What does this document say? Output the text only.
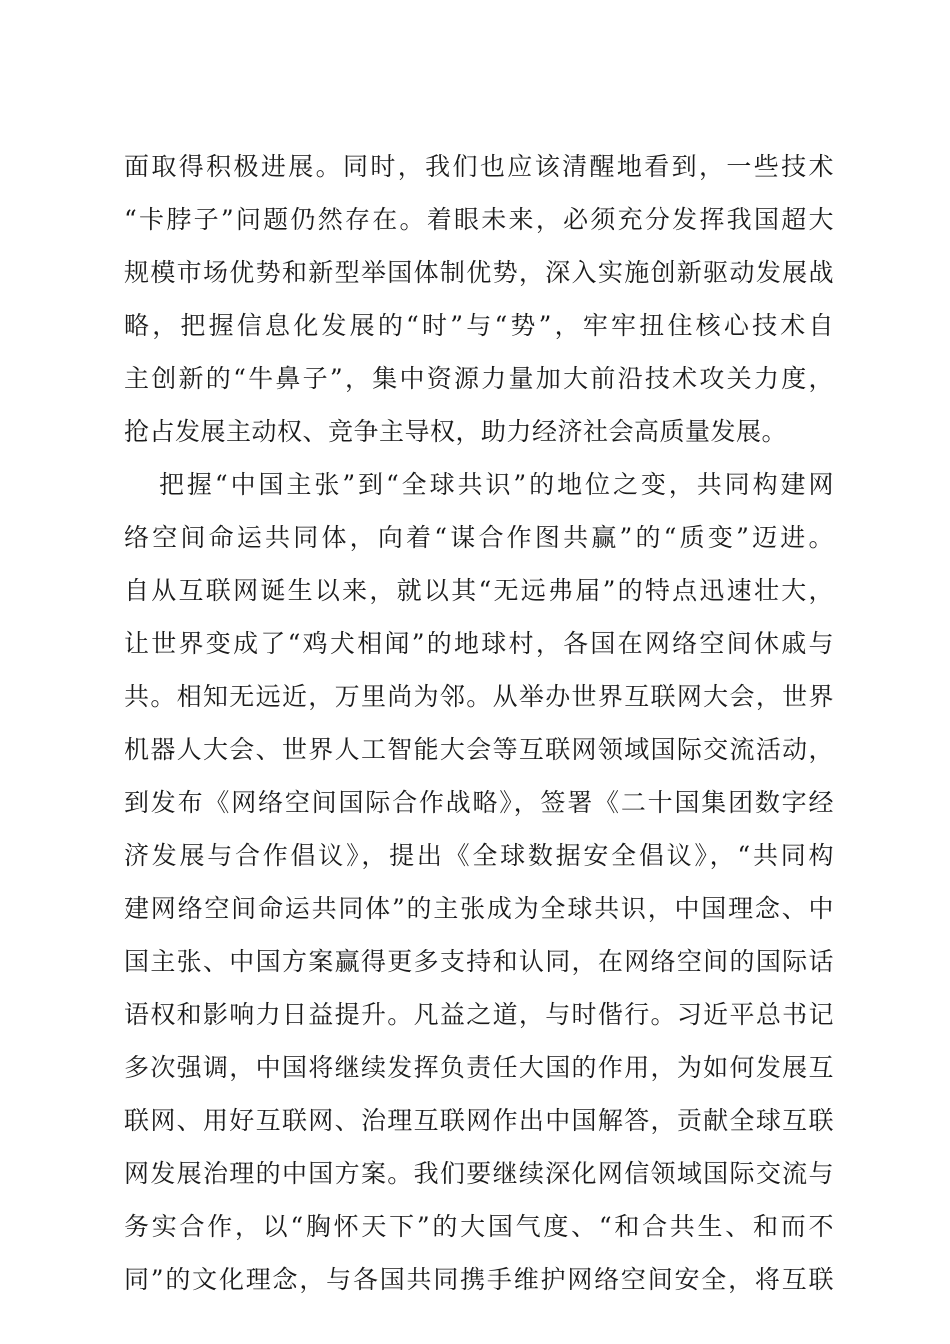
面取得积极进展。同时，我们也应该清醒地看到，一些技术
“卡脖子”问题仍然存在。着眼未来，必须充分发挥我国超大
规模市场优势和新型举国体制优势，深入实施创新驱动发展战
略，把握信息化发展的“时”与“势”，牢牢扭住核心技术自
主创新的“牛鼻子”，集中资源力量加大前沿技术攻关力度，
抢占发展主动权、竞争主导权，助力经济社会高质量发展。
把握“中国主张”到“全球共识”的地位之变，共同构建网
络空间命运共同体，向着“谋合作图共赢”的“质变”迈进。
自从互联网诞生以来，就以其“无远弗届”的特点迅速壮大，
让世界变成了“鸡犬相闻”的地球村，各国在网络空间休戚与
共。相知无远近，万里尚为邻。从举办世界互联网大会，世界
机器人大会、世界人工智能大会等互联网领域国际交流活动，
到发布《网络空间国际合作战略》，签署《二十国集团数字经
济发展与合作倡议》，提出《全球数据安全倡议》，“共同构
建网络空间命运共同体”的主张成为全球共识，中国理念、中
国主张、中国方案赢得更多支持和认同，在网络空间的国际话
语权和影响力日益提升。凡益之道，与时偕行。习近平总书记
多次强调，中国将继续发挥负责任大国的作用，为如何发展互
联网、用好互联网、治理互联网作出中国解答，贡献全球互联
网发展治理的中国方案。我们要继续深化网信领域国际交流与
务实合作，以“胸怀天下”的大国气度、“和合共生、和而不
同”的文化理念，与各国共同携手维护网络空间安全，将互联
